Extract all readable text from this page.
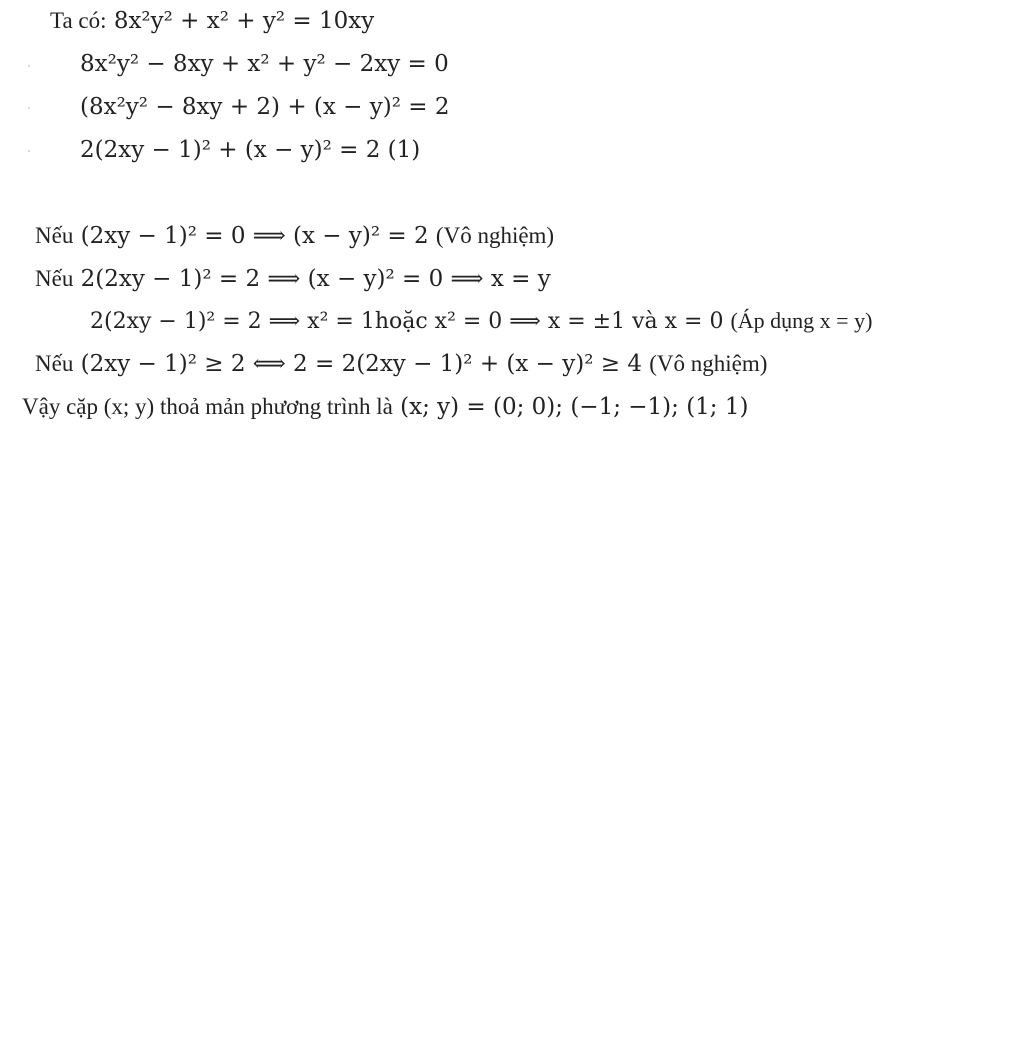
Ta có: 8x²y² + x² + y² = 10xy
8x²y² − 8xy + x² + y² − 2xy = 0
(8x²y² − 8xy + 2) + (x − y)² = 2
2(2xy − 1)² + (x − y)² = 2 (1)
Nếu (2xy − 1)² = 0 ⟹ (x − y)² = 2 (Vô nghiệm)
Nếu 2(2xy − 1)² = 2 ⟹ (x − y)² = 0 ⟹ x = y
2(2xy − 1)² = 2 ⟹ x² = 1hoặc x² = 0 ⟹ x = ±1 và x = 0 (Áp dụng x = y)
Nếu (2xy − 1)² ≥ 2 ⟺ 2 = 2(2xy − 1)² + (x − y)² ≥ 4 (Vô nghiệm)
Vậy cặp (x; y) thoả mản phương trình là (x; y) = (0; 0); (−1; −1); (1; 1)
